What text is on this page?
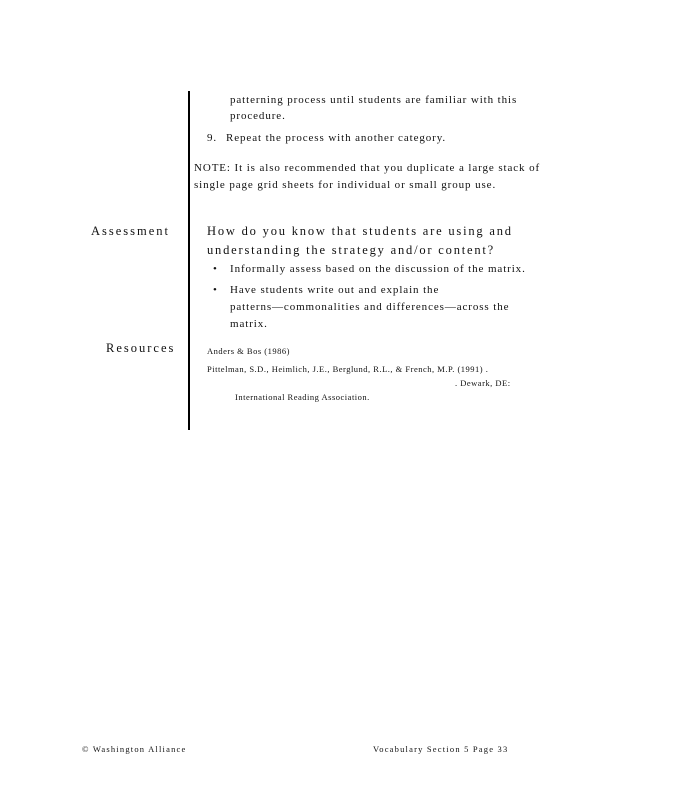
patterning process until students are familiar with this
procedure.
9. Repeat the process with another category.
NOTE: It is also recommended that you duplicate a large stack of
single page grid sheets for individual or small group use.
Assessment	How do you know that students are using and
understanding the strategy and/or content?
• Informally assess based on the discussion of the matrix.
• Have students write out and explain the
patterns—commonalities and differences—across the
matrix.
Resources	Anders & Bos (1986)
Pittelman, S.D., Heimlich, J.E., Berglund, R.L., & French, M.P. (1991) .
. Dewark, DE:
International Reading Association.
© Washington Alliance	Vocabulary Section 5 Page 33
